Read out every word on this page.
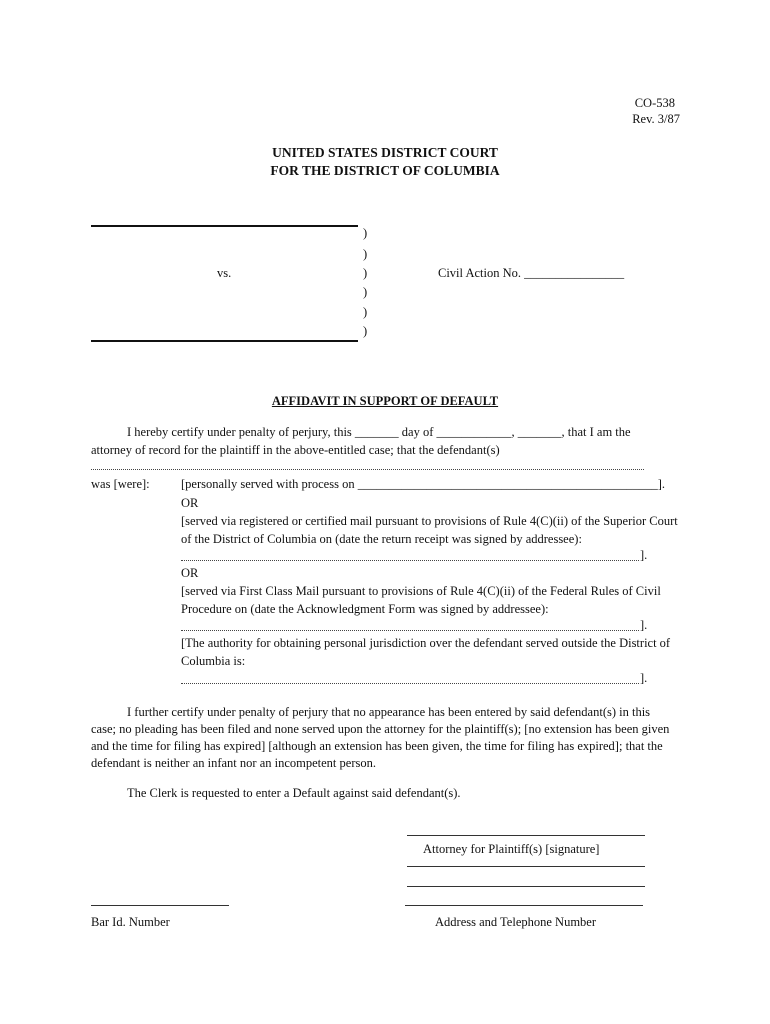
CO-538
Rev. 3/87
UNITED STATES DISTRICT COURT
FOR THE DISTRICT OF COLUMBIA
)
)
)
)
)
)
vs.	Civil Action No. ________________
AFFIDAVIT IN SUPPORT OF DEFAULT
I hereby certify under penalty of perjury, this _______ day of ____________, _______, that I am the
attorney of record for the plaintiff in the above-entitled case; that the defendant(s)
was [were]:	[personally served with process on ________________________________________________].
OR
[served via registered or certified mail pursuant to provisions of Rule 4(C)(ii) of the Superior Court
of the District of Columbia on (date the return receipt was signed by addressee):
].
OR
[served via First Class Mail pursuant to provisions of Rule 4(C)(ii) of the Federal Rules of Civil
Procedure on (date the Acknowledgment Form was signed by addressee):
].
[The authority for obtaining personal jurisdiction over the defendant served outside the District of
Columbia is:
].
I further certify under penalty of perjury that no appearance has been entered by said defendant(s) in this
case; no pleading has been filed and none served upon the attorney for the plaintiff(s); [no extension has been given
and the time for filing has expired] [although an extension has been given, the time for filing has expired]; that the
defendant is neither an infant nor an incompetent person.
The Clerk is requested to enter a Default against said defendant(s).
Attorney for Plaintiff(s) [signature]
Bar Id. Number	Address and Telephone Number
